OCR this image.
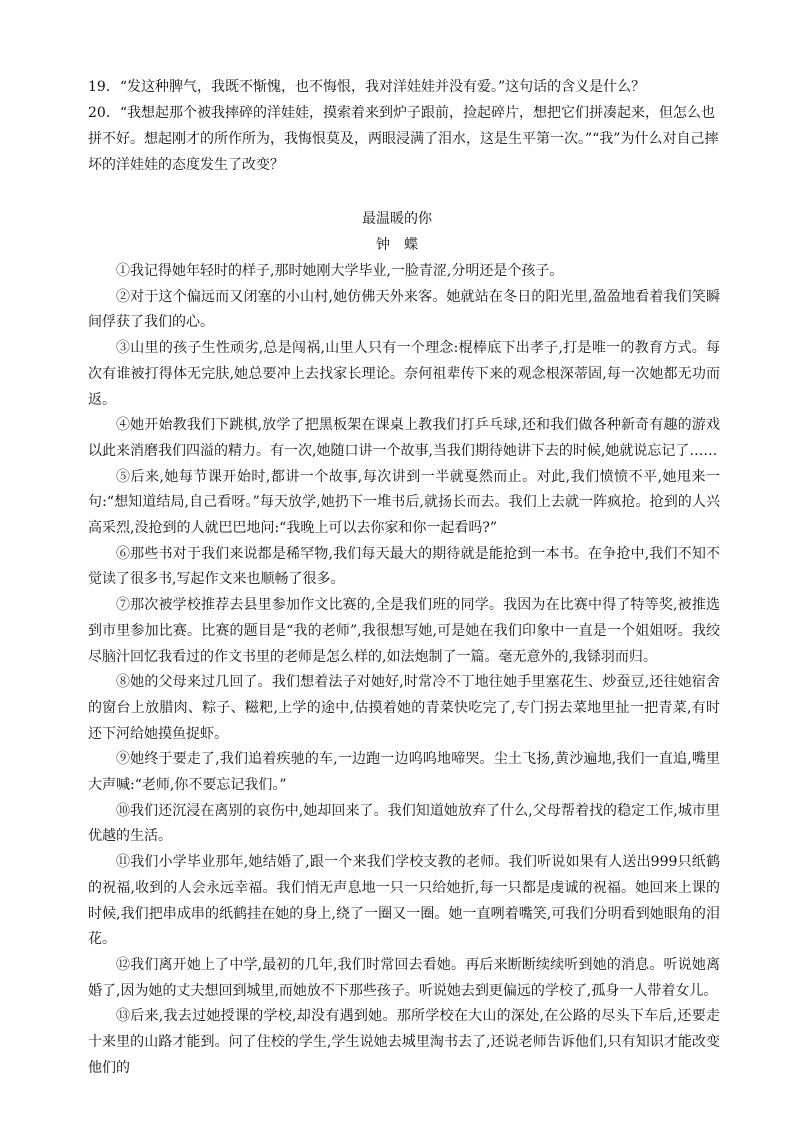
19．“发这种脾气，我既不惭愧，也不悔恨，我对洋娃娃并没有爱。”这句话的含义是什么？

20．“我想起那个被我摔碎的洋娃娃，摸索着来到炉子跟前，捡起碎片，想把它们拼凑起来，但怎么也拼不好。想起刚才的所作所为，我悔恨莫及，两眼浸满了泪水，这是生平第一次。”“我”为什么对自己摔坏的洋娃娃的态度发生了改变？

最温暖的你

钟蝶

①我记得她年轻时的样子,那时她刚大学毕业,一脸青涩,分明还是个孩子。

②对于这个偏远而又闭塞的小山村,她仿佛天外来客。她就站在冬日的阳光里,盈盈地看着我们笑瞬间俘获了我们的心。

③山里的孩子生性顽劣,总是闯祸,山里人只有一个理念:棍棒底下出孝子,打是唯一的教育方式。每次有谁被打得体无完肤,她总要冲上去找家长理论。奈何祖辈传下来的观念根深蒂固,每一次她都无功而返。

④她开始教我们下跳棋,放学了把黑板架在课桌上教我们打乒乓球,还和我们做各种新奇有趣的游戏以此来消磨我们四溢的精力。有一次,她随口讲一个故事,当我们期待她讲下去的时候,她就说忘记了……

⑤后来,她每节课开始时,都讲一个故事,每次讲到一半就戛然而止。对此,我们愤愤不平,她甩来一句:“想知道结局,自己看呀。”每天放学,她扔下一堆书后,就扬长而去。我们上去就一阵疯抢。抢到的人兴高采烈,没抢到的人就巴巴地问:“我晚上可以去你家和你一起看吗?”

⑥那些书对于我们来说都是稀罕物,我们每天最大的期待就是能抢到一本书。在争抢中,我们不知不觉读了很多书,写起作文来也顺畅了很多。

⑦那次被学校推荐去县里参加作文比赛的,全是我们班的同学。我因为在比赛中得了特等奖,被推选到市里参加比赛。比赛的题目是“我的老师”,我很想写她,可是她在我们印象中一直是一个姐姐呀。我绞尽脑汁回忆我看过的作文书里的老师是怎么样的,如法炮制了一篇。毫无意外的,我铩羽而归。

⑧她的父母来过几回了。我们想着法子对她好,时常冷不丁地往她手里塞花生、炒蚕豆,还往她宿舍的窗台上放腊肉、粽子、糍粑,上学的途中,估摸着她的青菜快吃完了,专门拐去菜地里扯一把青菜,有时还下河给她摸鱼捉虾。

⑨她终于要走了,我们追着疾驰的车,一边跑一边呜呜地啼哭。尘土飞扬,黄沙遍地,我们一直追,嘴里大声喊:“老师,你不要忘记我们。”

⑩我们还沉浸在离别的哀伤中,她却回来了。我们知道她放弃了什么,父母帮着找的稳定工作,城市里优越的生活。

⑪我们小学毕业那年,她结婚了,跟一个来我们学校支教的老师。我们听说如果有人送出999只纸鹤的祝福,收到的人会永远幸福。我们悄无声息地一只一只给她折,每一只都是虔诚的祝福。她回来上课的时候,我们把串成串的纸鹤挂在她的身上,绕了一圈又一圈。她一直咧着嘴笑,可我们分明看到她眼角的泪花。

⑫我们离开她上了中学,最初的几年,我们时常回去看她。再后来断断续续听到她的消息。听说她离婚了,因为她的丈夫想回到城里,而她放不下那些孩子。听说她去到更偏远的学校了,孤身一人带着女儿。

⑬后来,我去过她授课的学校,却没有遇到她。那所学校在大山的深处,在公路的尽头下车后,还要走十来里的山路才能到。问了住校的学生,学生说她去城里淘书去了,还说老师告诉他们,只有知识才能改变他们的
